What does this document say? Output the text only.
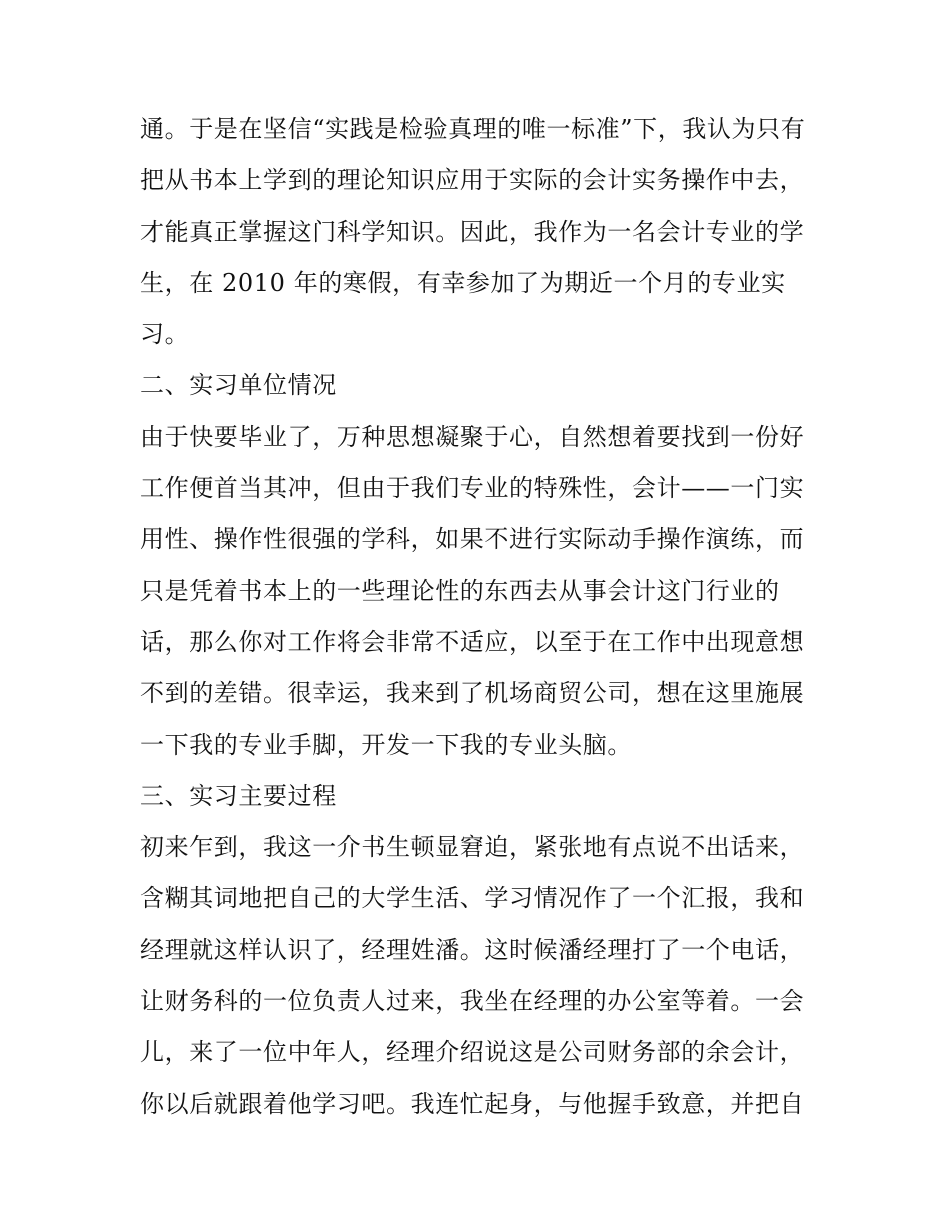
通。于是在坚信“实践是检验真理的唯一标准”下，我认为只有
把从书本上学到的理论知识应用于实际的会计实务操作中去，
才能真正掌握这门科学知识。因此，我作为一名会计专业的学
生，在 2010 年的寒假，有幸参加了为期近一个月的专业实
习。
二、实习单位情况
由于快要毕业了，万种思想凝聚于心，自然想着要找到一份好
工作便首当其冲，但由于我们专业的特殊性，会计——一门实
用性、操作性很强的学科，如果不进行实际动手操作演练，而
只是凭着书本上的一些理论性的东西去从事会计这门行业的
话，那么你对工作将会非常不适应，以至于在工作中出现意想
不到的差错。很幸运，我来到了机场商贸公司，想在这里施展
一下我的专业手脚，开发一下我的专业头脑。
三、实习主要过程
初来乍到，我这一介书生顿显窘迫，紧张地有点说不出话来，
含糊其词地把自己的大学生活、学习情况作了一个汇报，我和
经理就这样认识了，经理姓潘。这时候潘经理打了一个电话，
让财务科的一位负责人过来，我坐在经理的办公室等着。一会
儿，来了一位中年人，经理介绍说这是公司财务部的余会计，
你以后就跟着他学习吧。我连忙起身，与他握手致意，并把自
